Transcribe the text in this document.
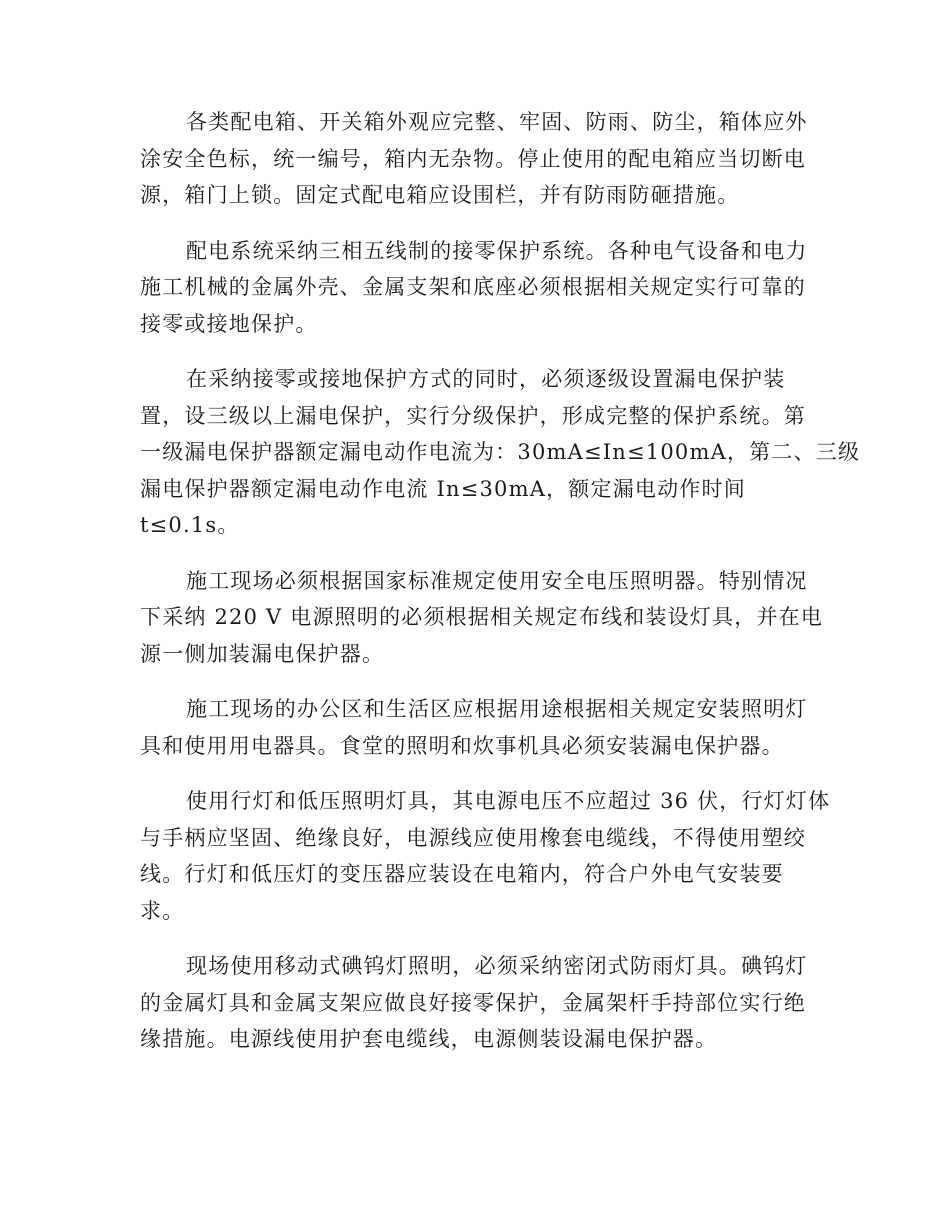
各类配电箱、开关箱外观应完整、牢固、防雨、防尘，箱体应外
涂安全色标，统一编号，箱内无杂物。停止使用的配电箱应当切断电
源，箱门上锁。固定式配电箱应设围栏，并有防雨防砸措施。

配电系统采纳三相五线制的接零保护系统。各种电气设备和电力
施工机械的金属外壳、金属支架和底座必须根据相关规定实行可靠的
接零或接地保护。

在采纳接零或接地保护方式的同时，必须逐级设置漏电保护装
置，设三级以上漏电保护，实行分级保护，形成完整的保护系统。第
一级漏电保护器额定漏电动作电流为：30mA≤In≤100mA，第二、三级
漏电保护器额定漏电动作电流 In≤30mA，额定漏电动作时间
t≤0.1s。

施工现场必须根据国家标准规定使用安全电压照明器。特别情况
下采纳 220 V 电源照明的必须根据相关规定布线和装设灯具，并在电
源一侧加装漏电保护器。

施工现场的办公区和生活区应根据用途根据相关规定安装照明灯
具和使用用电器具。食堂的照明和炊事机具必须安装漏电保护器。

使用行灯和低压照明灯具，其电源电压不应超过 36 伏，行灯灯体
与手柄应坚固、绝缘良好，电源线应使用橡套电缆线，不得使用塑绞
线。行灯和低压灯的变压器应装设在电箱内，符合户外电气安装要
求。

现场使用移动式碘钨灯照明，必须采纳密闭式防雨灯具。碘钨灯
的金属灯具和金属支架应做良好接零保护，金属架杆手持部位实行绝
缘措施。电源线使用护套电缆线，电源侧装设漏电保护器。
